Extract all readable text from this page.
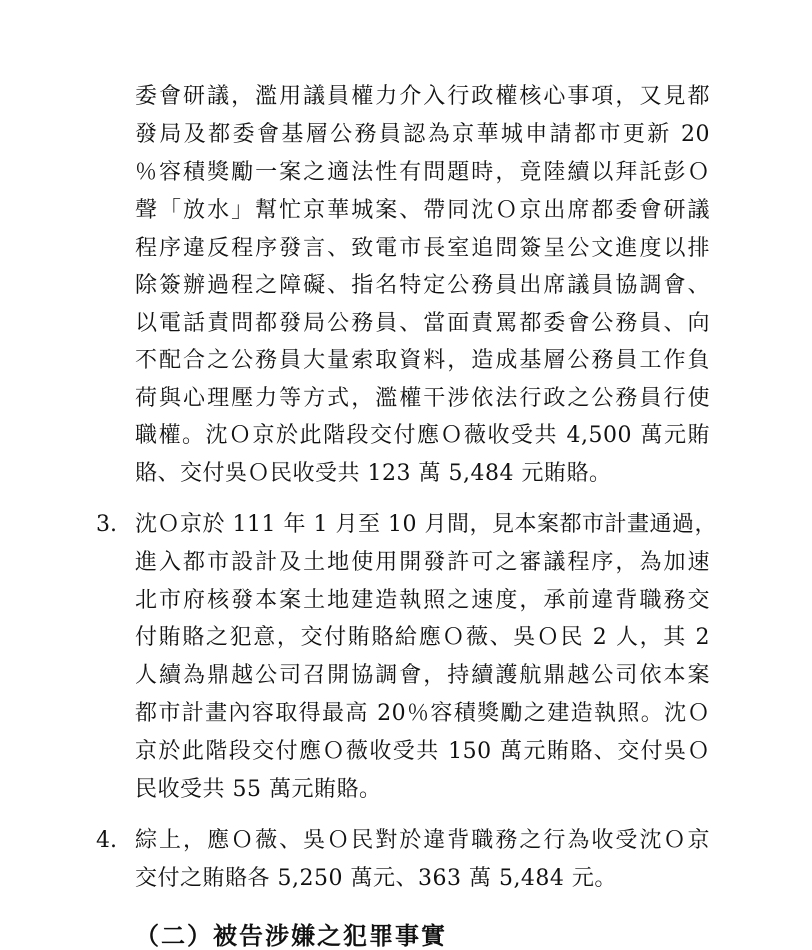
委會研議，濫用議員權力介入行政權核心事項，又見都
發局及都委會基層公務員認為京華城申請都市更新 20
％容積獎勵一案之適法性有問題時，竟陸續以拜託彭Ｏ
聲「放水」幫忙京華城案、帶同沈Ｏ京出席都委會研議
程序違反程序發言、致電市長室追問簽呈公文進度以排
除簽辦過程之障礙、指名特定公務員出席議員協調會、
以電話責問都發局公務員、當面責罵都委會公務員、向
不配合之公務員大量索取資料，造成基層公務員工作負
荷與心理壓力等方式，濫權干涉依法行政之公務員行使
職權。沈Ｏ京於此階段交付應Ｏ薇收受共 4,500 萬元賄
賂、交付吳Ｏ民收受共 123 萬 5,484 元賄賂。
3. 沈Ｏ京於 111 年 1 月至 10 月間，見本案都市計畫通過，
進入都市設計及土地使用開發許可之審議程序，為加速
北市府核發本案土地建造執照之速度，承前違背職務交
付賄賂之犯意，交付賄賂給應Ｏ薇、吳Ｏ民 2 人，其 2
人續為鼎越公司召開協調會，持續護航鼎越公司依本案
都市計畫內容取得最高 20％容積獎勵之建造執照。沈Ｏ
京於此階段交付應Ｏ薇收受共 150 萬元賄賂、交付吳Ｏ
民收受共 55 萬元賄賂。
4. 綜上，應Ｏ薇、吳Ｏ民對於違背職務之行為收受沈Ｏ京
交付之賄賂各 5,250 萬元、363 萬 5,484 元。
（二）被告涉嫌之犯罪事實
